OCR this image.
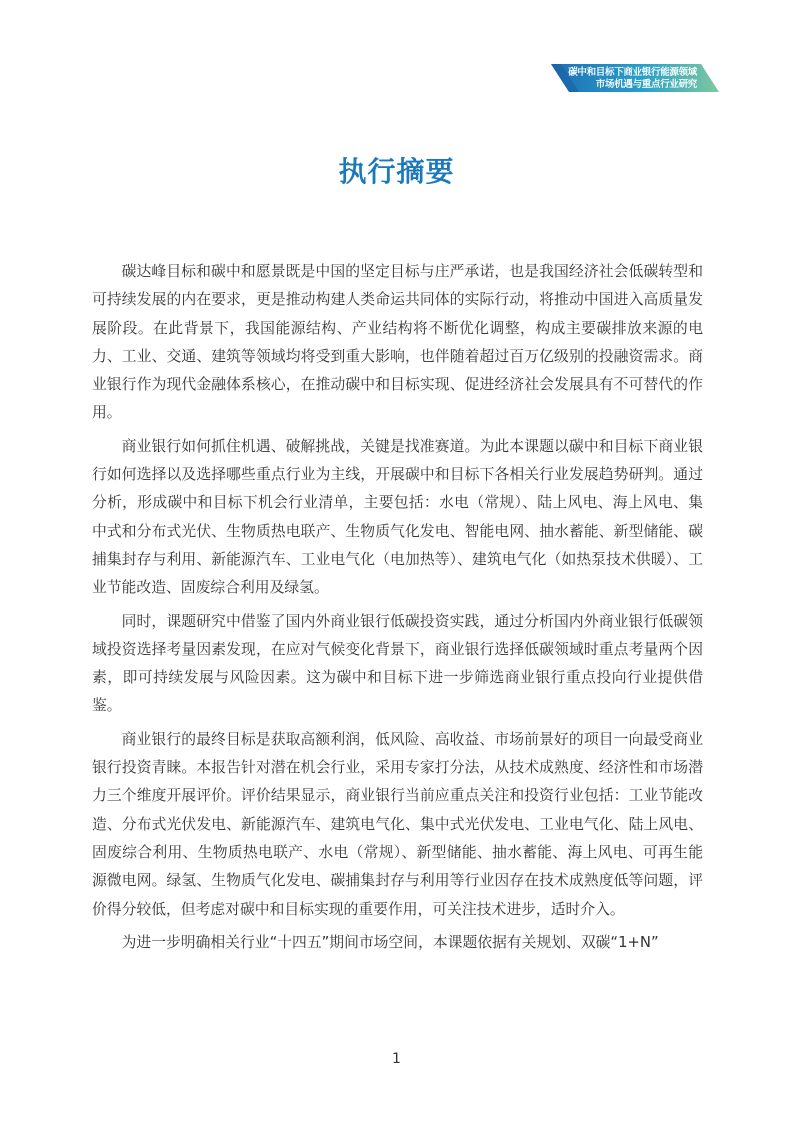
碳中和目标下商业银行能源领域
市场机遇与重点行业研究
执行摘要

碳达峰目标和碳中和愿景既是中国的坚定目标与庄严承诺，也是我国经济社会低碳转型和可持续发展的内在要求，更是推动构建人类命运共同体的实际行动，将推动中国进入高质量发展阶段。在此背景下，我国能源结构、产业结构将不断优化调整，构成主要碳排放来源的电力、工业、交通、建筑等领域均将受到重大影响，也伴随着超过百万亿级别的投融资需求。商业银行作为现代金融体系核心，在推动碳中和目标实现、促进经济社会发展具有不可替代的作用。

商业银行如何抓住机遇、破解挑战，关键是找准赛道。为此本课题以碳中和目标下商业银行如何选择以及选择哪些重点行业为主线，开展碳中和目标下各相关行业发展趋势研判。通过分析，形成碳中和目标下机会行业清单，主要包括：水电（常规）、陆上风电、海上风电、集中式和分布式光伏、生物质热电联产、生物质气化发电、智能电网、抽水蓄能、新型储能、碳捕集封存与利用、新能源汽车、工业电气化（电加热等）、建筑电气化（如热泵技术供暖）、工业节能改造、固废综合利用及绿氢。

同时，课题研究中借鉴了国内外商业银行低碳投资实践，通过分析国内外商业银行低碳领域投资选择考量因素发现，在应对气候变化背景下，商业银行选择低碳领域时重点考量两个因素，即可持续发展与风险因素。这为碳中和目标下进一步筛选商业银行重点投向行业提供借鉴。

商业银行的最终目标是获取高额利润，低风险、高收益、市场前景好的项目一向最受商业银行投资青睐。本报告针对潜在机会行业，采用专家打分法，从技术成熟度、经济性和市场潜力三个维度开展评价。评价结果显示，商业银行当前应重点关注和投资行业包括：工业节能改造、分布式光伏发电、新能源汽车、建筑电气化、集中式光伏发电、工业电气化、陆上风电、固废综合利用、生物质热电联产、水电（常规）、新型储能、抽水蓄能、海上风电、可再生能源微电网。绿氢、生物质气化发电、碳捕集封存与利用等行业因存在技术成熟度低等问题，评价得分较低，但考虑对碳中和目标实现的重要作用，可关注技术进步，适时介入。

为进一步明确相关行业“十四五”期间市场空间，本课题依据有关规划、双碳“1+N”

1
